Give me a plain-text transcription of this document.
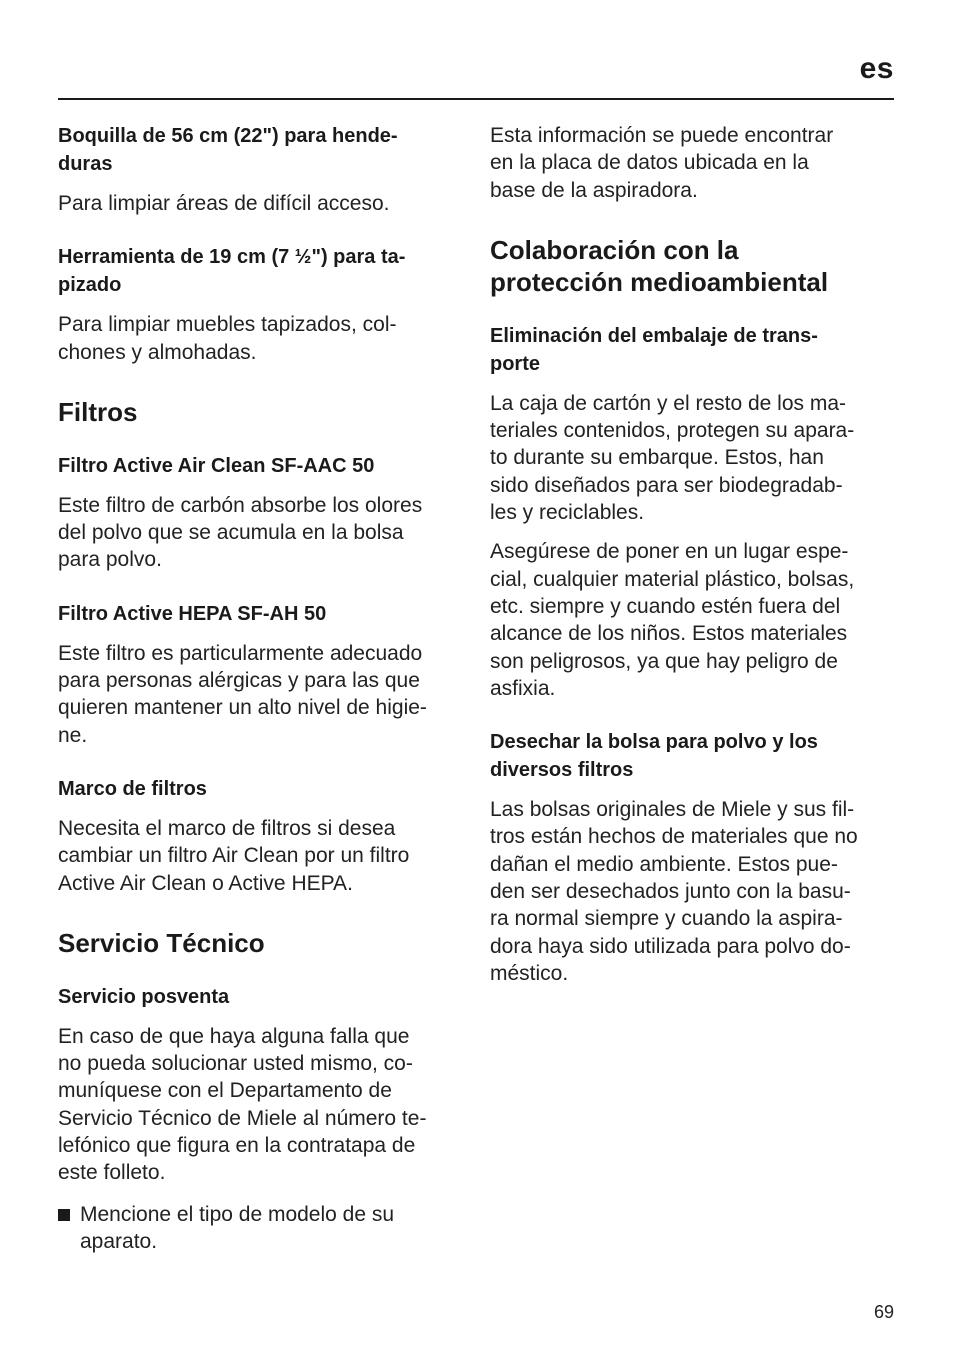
es
Boquilla de 56 cm (22") para hende-
duras
Para limpiar áreas de difícil acceso.
Herramienta de 19 cm (7 ½") para ta-
pizado
Para limpiar muebles tapizados, col-
chones y almohadas.
Filtros
Filtro Active Air Clean SF-AAC 50
Este filtro de carbón absorbe los olores
del polvo que se acumula en la bolsa
para polvo.
Filtro Active HEPA SF-AH 50
Este filtro es particularmente adecuado
para personas alérgicas y para las que
quieren mantener un alto nivel de higie-
ne.
Marco de filtros
Necesita el marco de filtros si desea
cambiar un filtro Air Clean por un filtro
Active Air Clean o Active HEPA.
Servicio Técnico
Servicio posventa
En caso de que haya alguna falla que
no pueda solucionar usted mismo, co-
muníquese con el Departamento de
Servicio Técnico de Miele al número te-
lefónico que figura en la contratapa de
este folleto.
Mencione el tipo de modelo de su
aparato.
Esta información se puede encontrar
en la placa de datos ubicada en la
base de la aspiradora.
Colaboración con la
protección medioambiental
Eliminación del embalaje de trans-
porte
La caja de cartón y el resto de los ma-
teriales contenidos, protegen su apara-
to durante su embarque. Estos, han
sido diseñados para ser biodegradab-
les y reciclables.
Asegúrese de poner en un lugar espe-
cial, cualquier material plástico, bolsas,
etc. siempre y cuando estén fuera del
alcance de los niños. Estos materiales
son peligrosos, ya que hay peligro de
asfixia.
Desechar la bolsa para polvo y los
diversos filtros
Las bolsas originales de Miele y sus fil-
tros están hechos de materiales que no
dañan el medio ambiente. Estos pue-
den ser desechados junto con la basu-
ra normal siempre y cuando la aspira-
dora haya sido utilizada para polvo do-
méstico.
69
